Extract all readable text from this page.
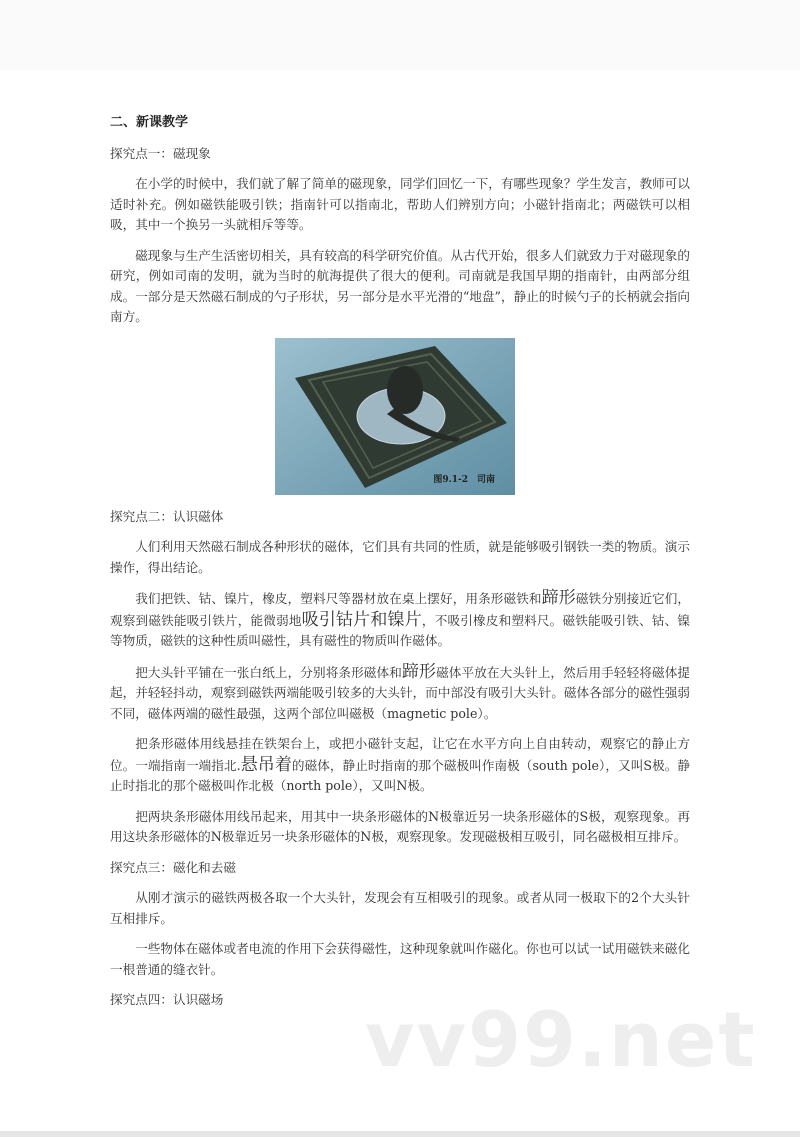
二、新课教学
探究点一：磁现象

在小学的时候中，我们就了解了简单的磁现象，同学们回忆一下，有哪些现象？学生发言，教师可以适时补充。例如磁铁能吸引铁；指南针可以指南北，帮助人们辨别方向；小磁针指南北；两磁铁可以相吸，其中一个换另一头就相斥等等。

磁现象与生产生活密切相关，具有较高的科学研究价值。从古代开始，很多人们就致力于对磁现象的研究，例如司南的发明，就为当时的航海提供了很大的便利。司南就是我国早期的指南针，由两部分组成。一部分是天然磁石制成的勺子形状，另一部分是水平光滑的“地盘”，静止的时候勺子的长柄就会指向南方。

图9.1-2　司南
探究点二：认识磁体

人们利用天然磁石制成各种形状的磁体，它们具有共同的性质，就是能够吸引钢铁一类的物质。演示操作，得出结论。

我们把铁、钴、镍片，橡皮，塑料尺等器材放在桌上摆好，用条形磁铁和蹄形磁铁分别接近它们，观察到磁铁能吸引铁片，能微弱地吸引钴片和镍片，不吸引橡皮和塑料尺。磁铁能吸引铁、钴、镍等物质，磁铁的这种性质叫磁性，具有磁性的物质叫作磁体。

把大头针平铺在一张白纸上，分别将条形磁体和蹄形磁体平放在大头针上，然后用手轻轻将磁体提起，并轻轻抖动，观察到磁铁两端能吸引较多的大头针，而中部没有吸引大头针。磁体各部分的磁性强弱不同，磁体两端的磁性最强，这两个部位叫磁极（magnetic pole）。

把条形磁体用线悬挂在铁架台上，或把小磁针支起，让它在水平方向上自由转动，观察它的静止方位。一端指南一端指北.悬吊着的磁体，静止时指南的那个磁极叫作南极（south pole），又叫S极。静止时指北的那个磁极叫作北极（north pole），又叫N极。

把两块条形磁体用线吊起来，用其中一块条形磁体的N极靠近另一块条形磁体的S极，观察现象。再用这块条形磁体的N极靠近另一块条形磁体的N极，观察现象。发现磁极相互吸引，同名磁极相互排斥。

探究点三：磁化和去磁

从刚才演示的磁铁两极各取一个大头针，发现会有互相吸引的现象。或者从同一极取下的2个大头针互相排斥。

一些物体在磁体或者电流的作用下会获得磁性，这种现象就叫作磁化。你也可以试一试用磁铁来磁化一根普通的缝衣针。

探究点四：认识磁场	vv99.net
